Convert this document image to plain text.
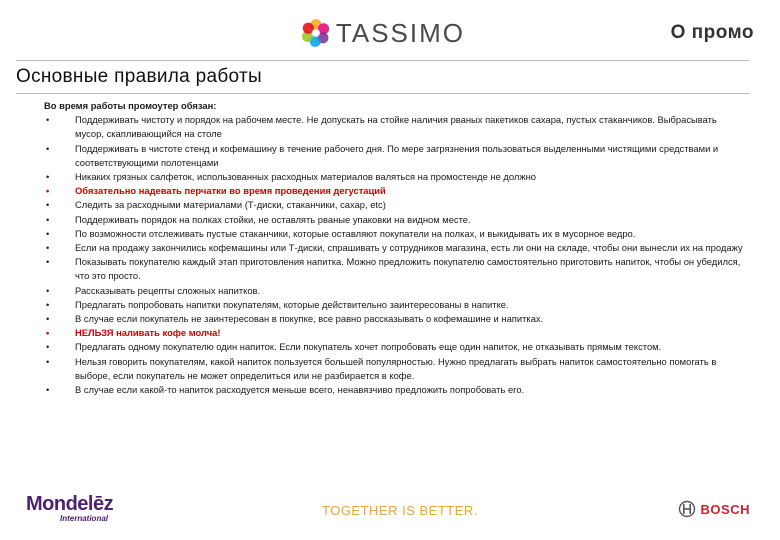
TASSIMO	О промо
Основные правила работы
Во время работы промоутер обязан:
•	Поддерживать чистоту и порядок на рабочем месте. Не допускать на стойке наличия рваных пакетиков сахара, пустых стаканчиков. Выбрасывать мусор, скапливающийся на столе
•	Поддерживать в чистоте стенд и кофемашину в течение рабочего дня. По мере загрязнения пользоваться выделенными чистящими средствами и соответствующими полотенцами
•	Никаких грязных салфеток, использованных расходных материалов валяться на промостенде не должно
•	Обязательно надевать перчатки во время проведения дегустаций
•	Следить за расходными материалами (Т-диски, стаканчики, сахар, etc)
•	Поддерживать порядок на полках стойки, не оставлять рваные упаковки на видном месте.
•	По возможности отслеживать пустые стаканчики, которые оставляют покупатели на полках, и выкидывать их в мусорное ведро.
•	Если на продажу закончились кофемашины или Т-диски, спрашивать у сотрудников магазина, есть ли они на складе, чтобы они вынесли их на продажу
•	Показывать покупателю каждый этап приготовления напитка. Можно предложить покупателю самостоятельно приготовить напиток, чтобы он убедился, что это просто.
•	Рассказывать рецепты сложных напитков.
•	Предлагать попробовать напитки покупателям, которые действительно заинтересованы в напитке.
•	В случае если покупатель не заинтересован в покупке, все равно рассказывать о кофемашине и напитках.
•	НЕЛЬЗЯ наливать кофе молча!
•	Предлагать одному покупателю один напиток. Если покупатель хочет попробовать еще один напиток, не отказывать прямым текстом.
•	Нельзя говорить покупателям, какой напиток пользуется большей популярностью. Нужно предлагать выбрать напиток самостоятельно помогать в выборе, если покупатель не может определиться или не разбирается в кофе.
•	В случае если какой-то напиток расходуется меньше всего, ненавязчиво предложить попробовать его.
Mondelēz
International
TOGETHER IS BETTER.	BOSCH
